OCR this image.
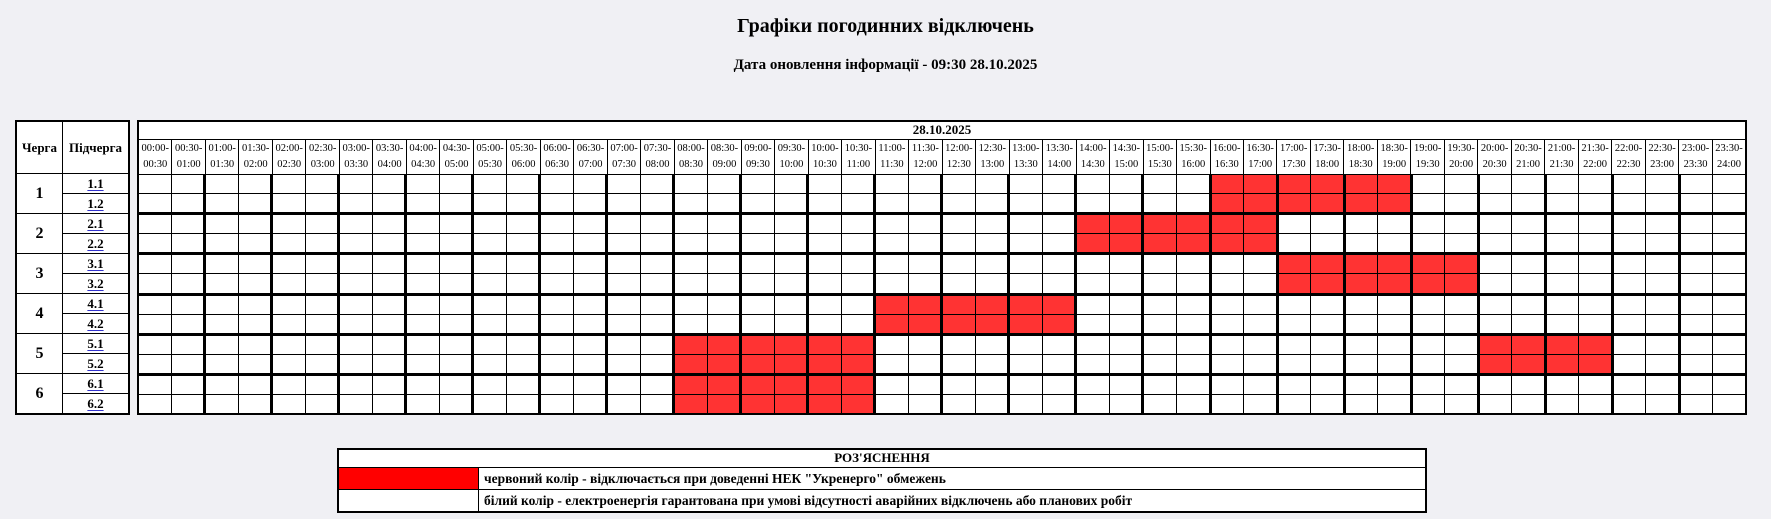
Графіки погодинних відключень
Дата оновлення інформації - 09:30 28.10.2025
Черга Підчерга
1
1.1
1.2
2
2.1
2.2
3
3.1
3.2
4
4.1
4.2
5
5.1
5.2
6
6.1
6.2
28.10.2025
00:00-
00:30
00:30-
01:00
01:00-
01:30
01:30-
02:00
02:00-
02:30
02:30-
03:00
03:00-
03:30
03:30-
04:00
04:00-
04:30
04:30-
05:00
05:00-
05:30
05:30-
06:00
06:00-
06:30
06:30-
07:00
07:00-
07:30
07:30-
08:00
08:00-
08:30
08:30-
09:00
09:00-
09:30
09:30-
10:00
10:00-
10:30
10:30-
11:00
11:00-
11:30
11:30-
12:00
12:00-
12:30
12:30-
13:00
13:00-
13:30
13:30-
14:00
14:00-
14:30
14:30-
15:00
15:00-
15:30
15:30-
16:00
16:00-
16:30
16:30-
17:00
17:00-
17:30
17:30-
18:00
18:00-
18:30
18:30-
19:00
19:00-
19:30
19:30-
20:00
20:00-
20:30
20:30-
21:00
21:00-
21:30
21:30-
22:00
22:00-
22:30
22:30-
23:00
23:00-
23:30
23:30-
24:00
РОЗ'ЯСНЕННЯ
червоний колір - відключається при доведенні НЕК "Укренерго" обмежень
білий колір - електроенергія гарантована при умові відсутності аварійних відключень або планових робіт
